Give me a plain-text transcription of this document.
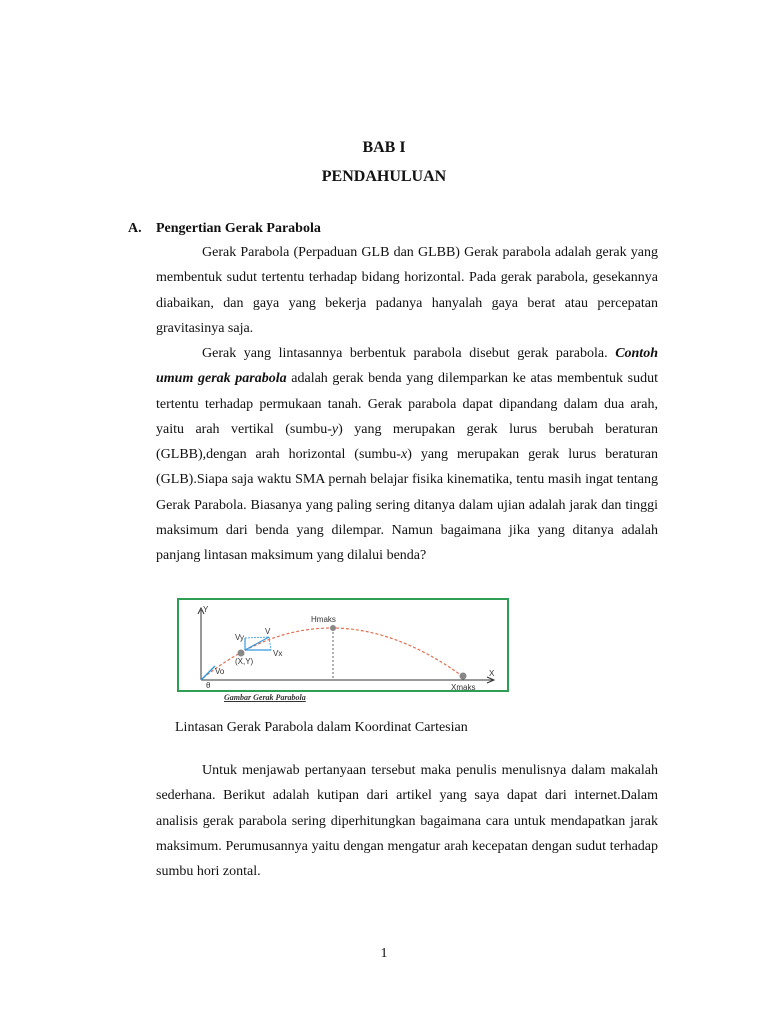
BAB I
PENDAHULUAN
A. Pengertian Gerak Parabola

Gerak Parabola (Perpaduan GLB dan GLBB) Gerak parabola adalah gerak yang membentuk sudut tertentu terhadap bidang horizontal. Pada gerak parabola, gesekannya diabaikan, dan gaya yang bekerja padanya hanyalah gaya berat atau percepatan gravitasinya saja.

Gerak yang lintasannya berbentuk parabola disebut gerak parabola. Contoh umum gerak parabola adalah gerak benda yang dilemparkan ke atas membentuk sudut tertentu terhadap permukaan tanah. Gerak parabola dapat dipandang dalam dua arah, yaitu arah vertikal (sumbu-y) yang merupakan gerak lurus berubah beraturan (GLBB),dengan arah horizontal (sumbu-x) yang merupakan gerak lurus beraturan (GLB).Siapa saja waktu SMA pernah belajar fisika kinematika, tentu masih ingat tentang Gerak Parabola. Biasanya yang paling sering ditanya dalam ujian adalah jarak dan tinggi maksimum dari benda yang dilempar. Namun bagaimana jika yang ditanya adalah panjang lintasan maksimum yang dilalui benda?

Y
X
Hmaks
Xmaks
Vy
V
Vx
(X,Y)
Vo
θ
Gambar Gerak Parabola

Lintasan Gerak Parabola dalam Koordinat Cartesian

Untuk menjawab pertanyaan tersebut maka penulis menulisnya dalam makalah sederhana. Berikut adalah kutipan dari artikel yang saya dapat dari internet.Dalam analisis gerak parabola sering diperhitungkan bagaimana cara untuk mendapatkan jarak maksimum. Perumusannya yaitu dengan mengatur arah kecepatan dengan sudut terhadap sumbu hori zontal.

1
